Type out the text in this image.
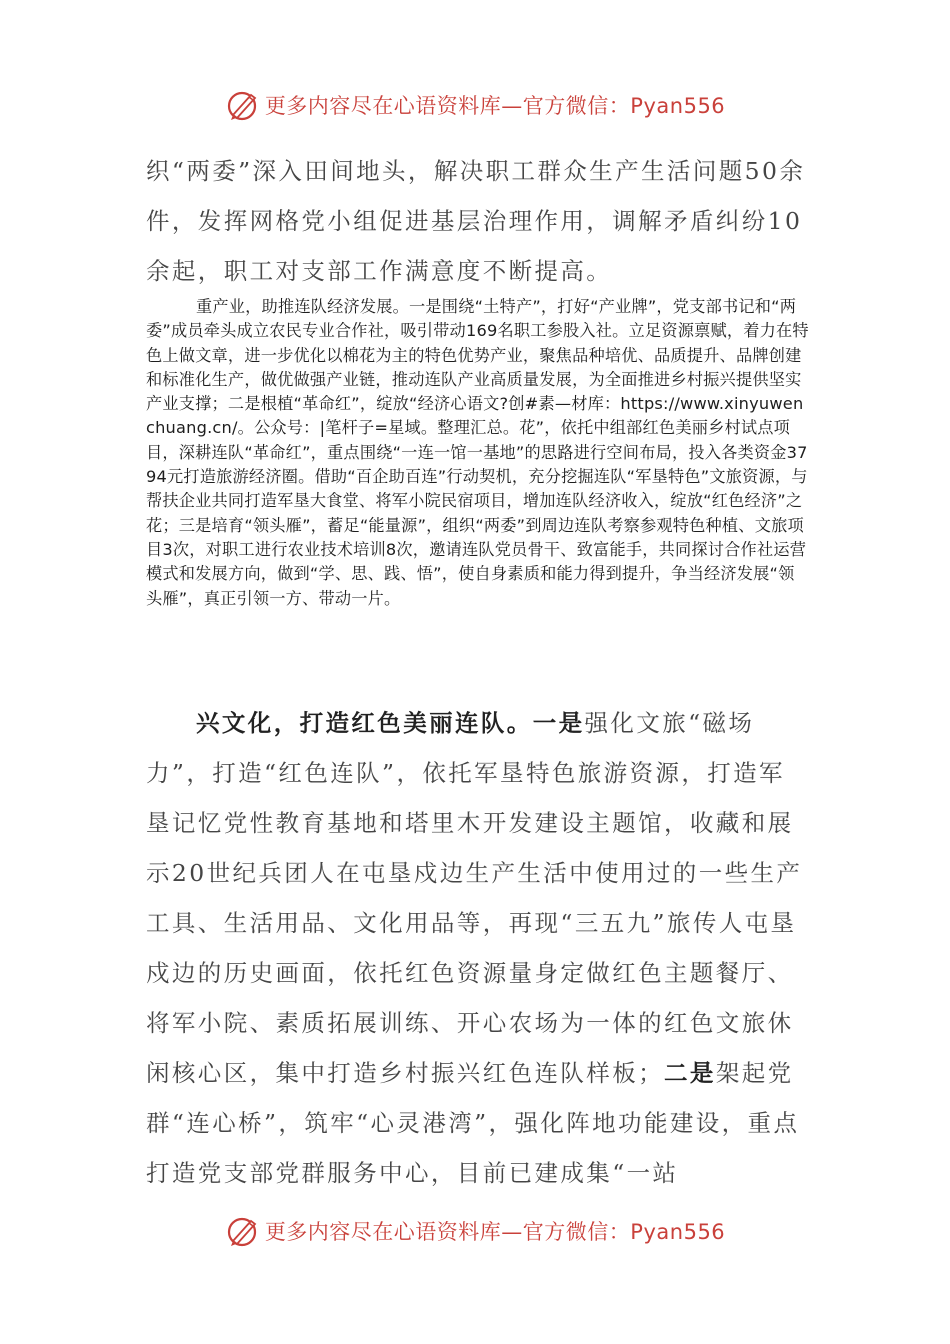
更多内容尽在心语资料库—官方微信：Pyan556

织“两委”深入田间地头，解决职工群众生产生活问题50余件，发挥网格党小组促进基层治理作用，调解矛盾纠纷10余起，职工对支部工作满意度不断提高。

重产业，助推连队经济发展。一是围绕“土特产”，打好“产业牌”，党支部书记和“两委”成员牵头成立农民专业合作社，吸引带动169名职工参股入社。立足资源禀赋，着力在特色上做文章，进一步优化以棉花为主的特色优势产业，聚焦品种培优、品质提升、品牌创建和标准化生产，做优做强产业链，推动连队产业高质量发展，为全面推进乡村振兴提供坚实产业支撑；二是根植“革命红”，绽放“经济心语文?创#素—材库：https://www.xinyuwenchuang.cn/。公众号：|笔杆子=星域。整理汇总。花”，依托中组部红色美丽乡村试点项目，深耕连队“革命红”，重点围绕“一连一馆一基地”的思路进行空间布局，投入各类资金3794元打造旅游经济圈。借助“百企助百连”行动契机，充分挖掘连队“军垦特色”文旅资源，与帮扶企业共同打造军垦大食堂、将军小院民宿项目，增加连队经济收入，绽放“红色经济”之花；三是培育“领头雁”，蓄足“能量源”，组织“两委”到周边连队考察参观特色种植、文旅项目3次，对职工进行农业技术培训8次，邀请连队党员骨干、致富能手，共同探讨合作社运营模式和发展方向，做到“学、思、践、悟”，使自身素质和能力得到提升，争当经济发展“领头雁”，真正引领一方、带动一片。

兴文化，打造红色美丽连队。一是强化文旅“磁场力”，打造“红色连队”，依托军垦特色旅游资源，打造军垦记忆党性教育基地和塔里木开发建设主题馆，收藏和展示20世纪兵团人在屯垦戍边生产生活中使用过的一些生产工具、生活用品、文化用品等，再现“三五九”旅传人屯垦戍边的历史画面，依托红色资源量身定做红色主题餐厅、将军小院、素质拓展训练、开心农场为一体的红色文旅休闲核心区，集中打造乡村振兴红色连队样板；二是架起党群“连心桥”，筑牢“心灵港湾”，强化阵地功能建设，重点打造党支部党群服务中心，目前已建成集“一站

更多内容尽在心语资料库—官方微信：Pyan556
